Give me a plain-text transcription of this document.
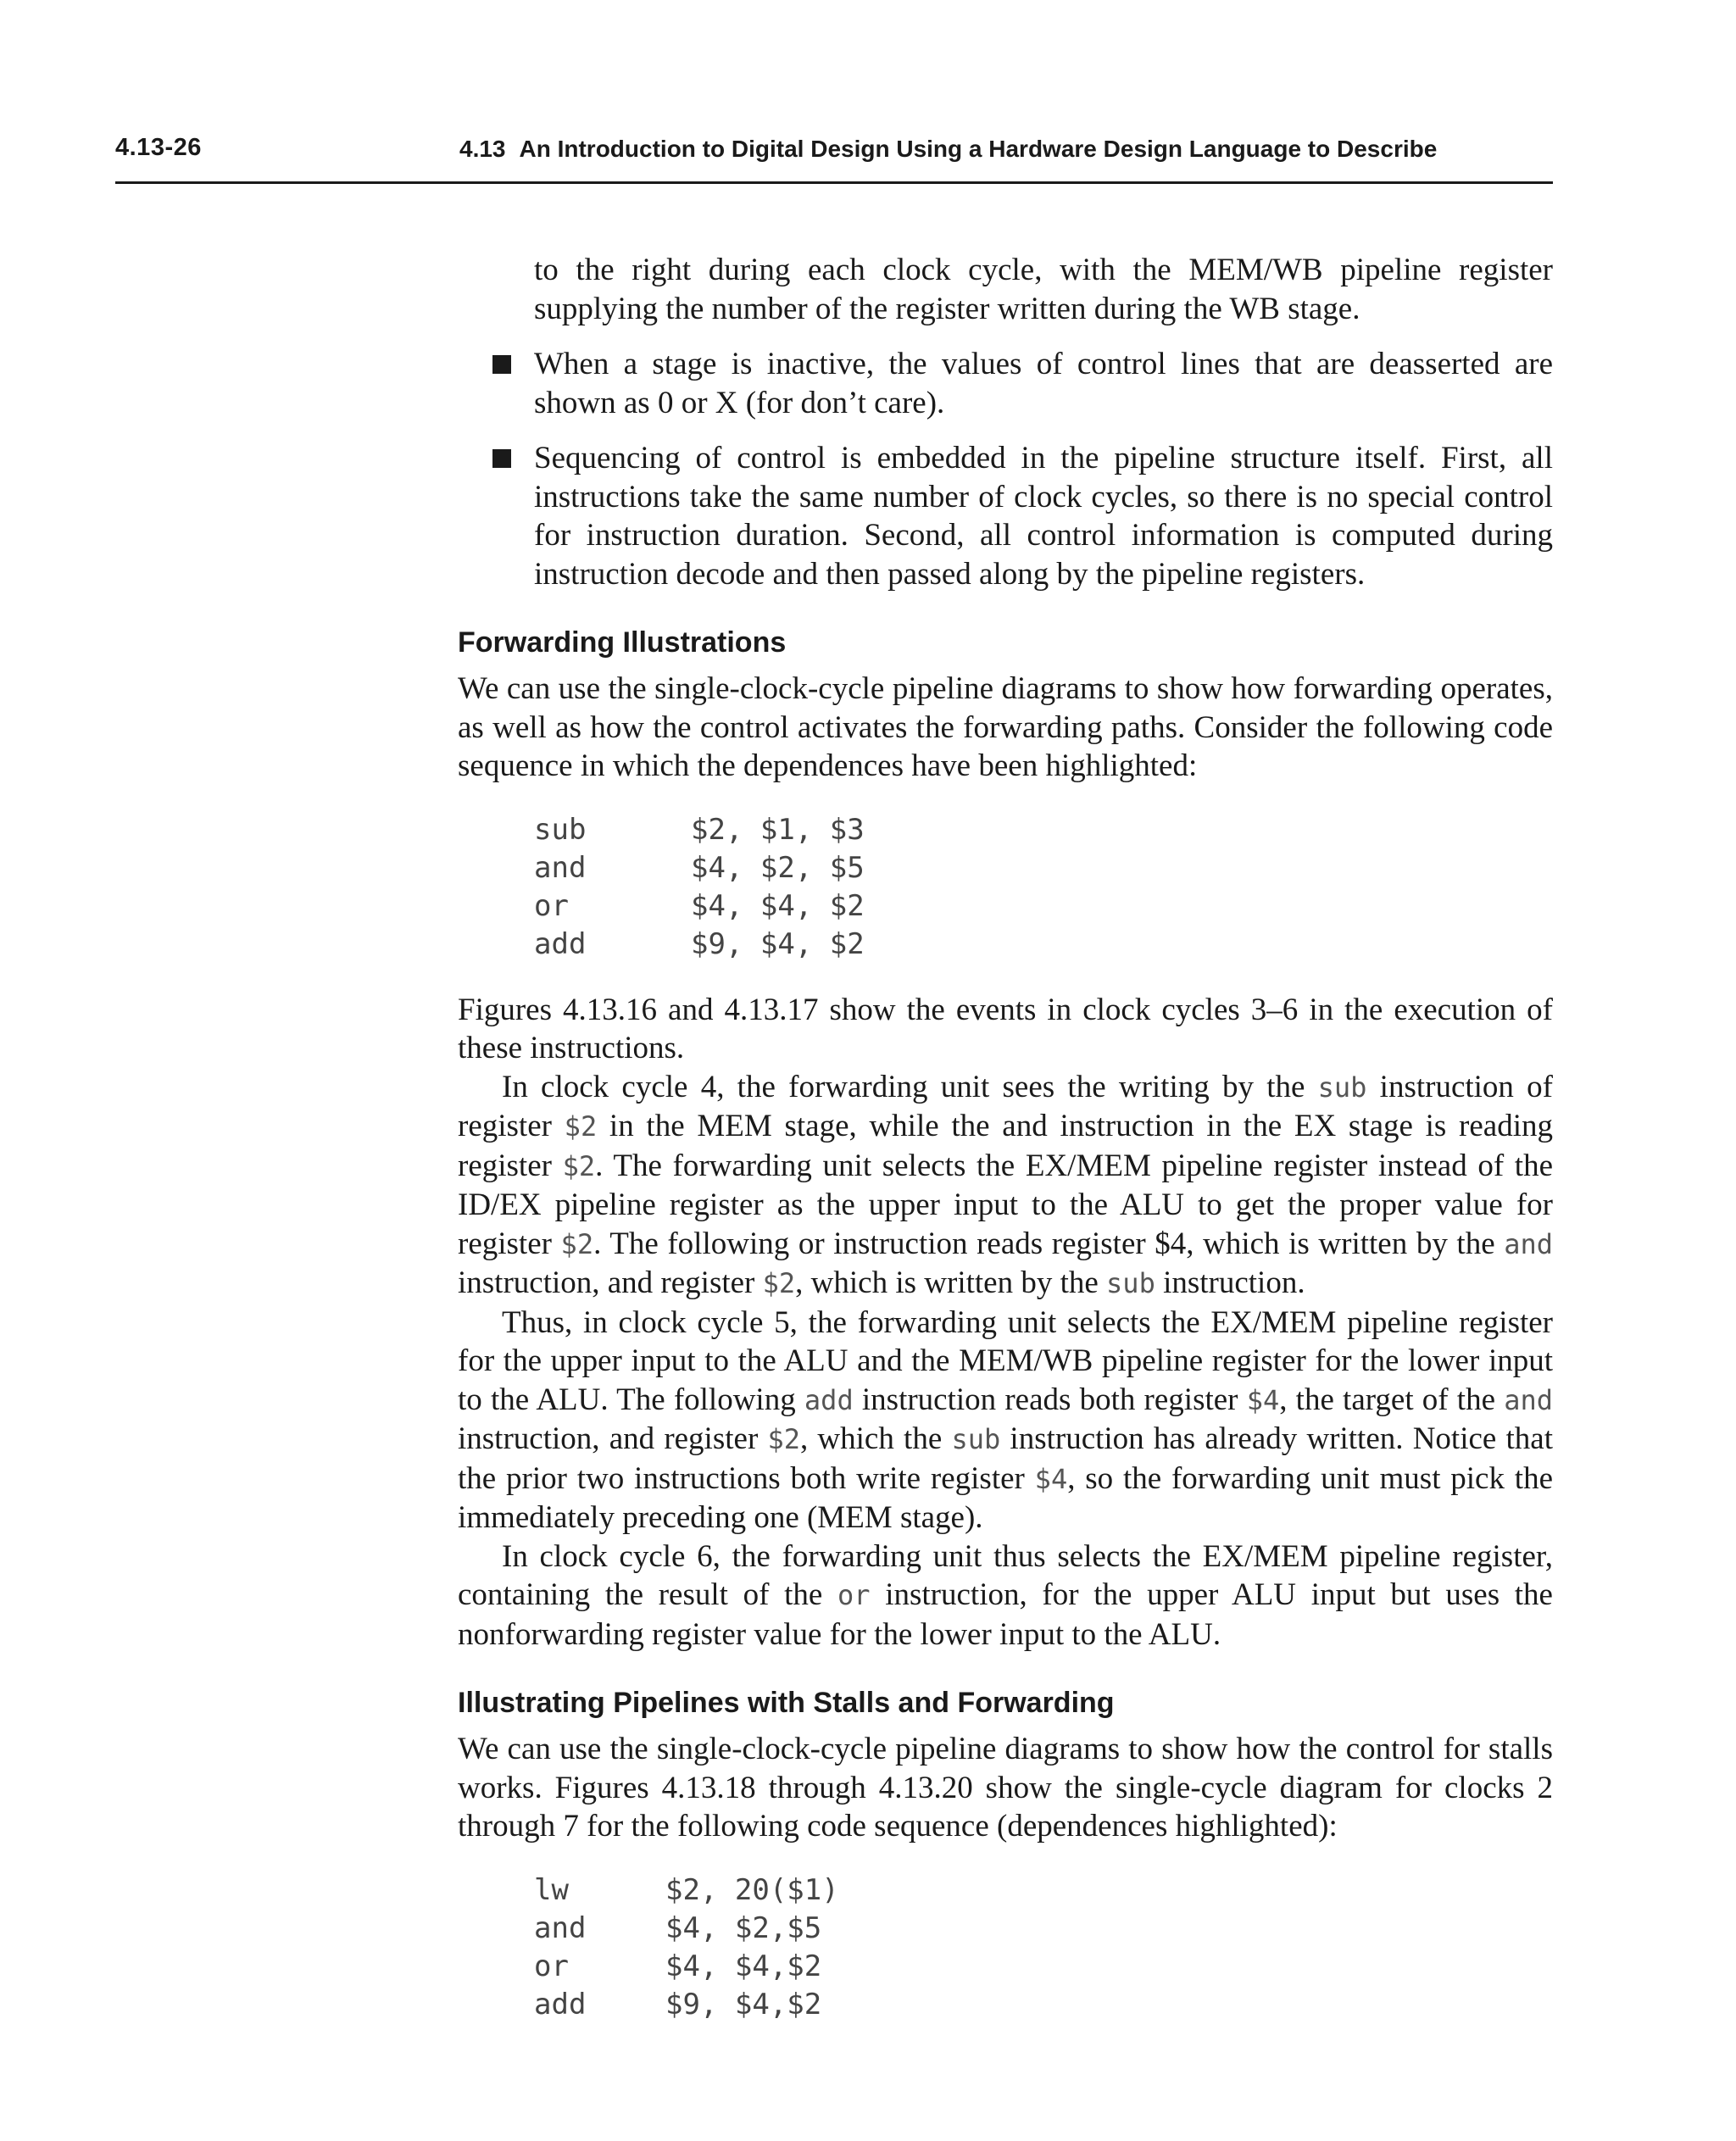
4.13-26	4.13 An Introduction to Digital Design Using a Hardware Design Language to Describe

to the right during each clock cycle, with the MEM/WB pipeline register supplying the number of the register written during the WB stage.

When a stage is inactive, the values of control lines that are deasserted are shown as 0 or X (for don’t care).
Sequencing of control is embedded in the pipeline structure itself. First, all instructions take the same number of clock cycles, so there is no special control for instruction duration. Second, all control information is computed during instruction decode and then passed along by the pipeline registers.
Forwarding Illustrations

We can use the single-clock-cycle pipeline diagrams to show how forwarding operates, as well as how the control activates the forwarding paths. Consider the following code sequence in which the dependences have been highlighted:

sub	$2, $1, $3
and	$4, $2, $5
or	$4, $4, $2
add	$9, $4, $2

Figures 4.13.16 and 4.13.17 show the events in clock cycles 3–6 in the execution of these instructions.

In clock cycle 4, the forwarding unit sees the writing by the sub instruction of register $2 in the MEM stage, while the and instruction in the EX stage is reading register $2. The forwarding unit selects the EX/MEM pipeline register instead of the ID/EX pipeline register as the upper input to the ALU to get the proper value for register $2. The following or instruction reads register $4, which is written by the and instruction, and register $2, which is written by the sub instruction.

Thus, in clock cycle 5, the forwarding unit selects the EX/MEM pipeline register for the upper input to the ALU and the MEM/WB pipeline register for the lower input to the ALU. The following add instruction reads both register $4, the target of the and instruction, and register $2, which the sub instruction has already written. Notice that the prior two instructions both write register $4, so the forwarding unit must pick the immediately preceding one (MEM stage).

In clock cycle 6, the forwarding unit thus selects the EX/MEM pipeline register, containing the result of the or instruction, for the upper ALU input but uses the nonforwarding register value for the lower input to the ALU.

Illustrating Pipelines with Stalls and Forwarding

We can use the single-clock-cycle pipeline diagrams to show how the control for stalls works. Figures 4.13.18 through 4.13.20 show the single-cycle diagram for clocks 2 through 7 for the following code sequence (dependences highlighted):

lw	$2, 20($1)
and	$4, $2,$5
or	$4, $4,$2
add	$9, $4,$2
